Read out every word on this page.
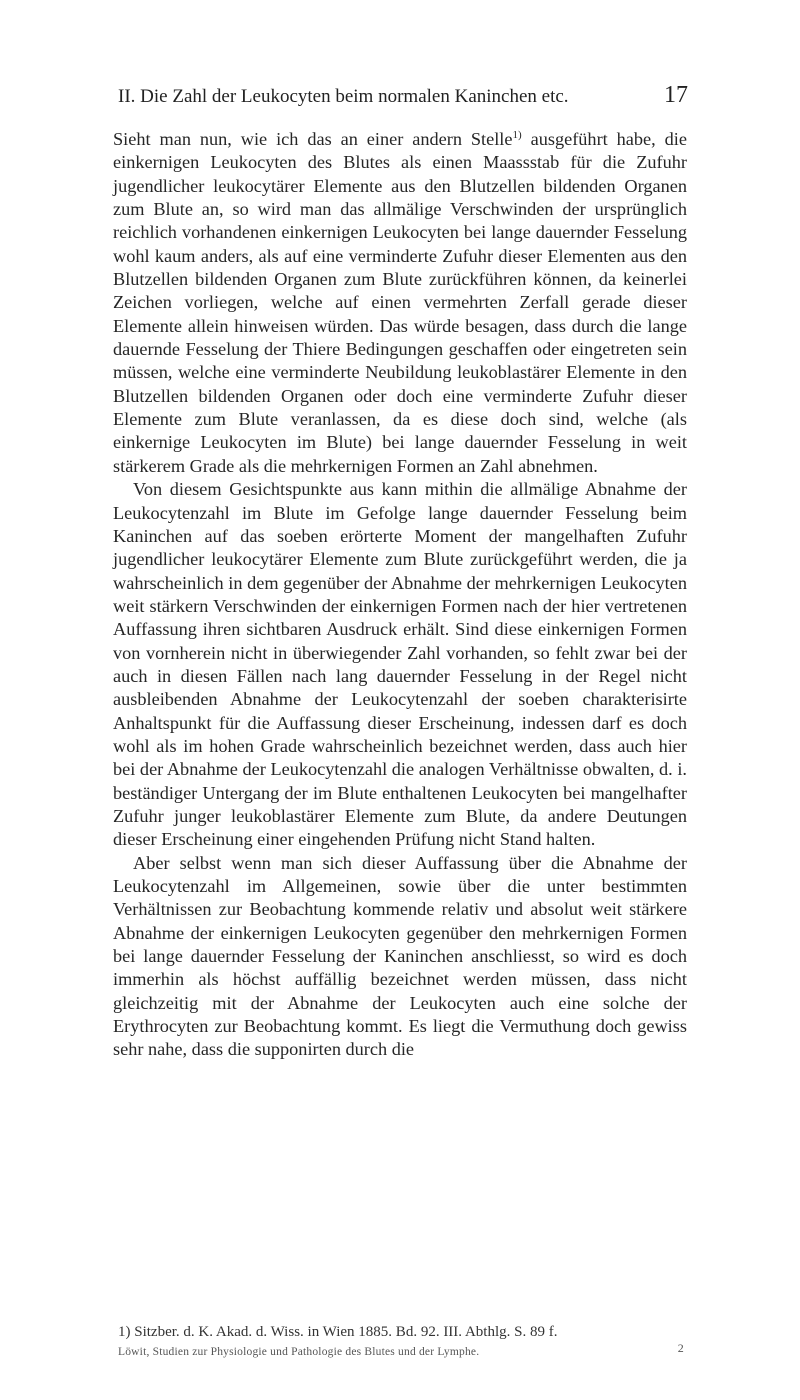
II. Die Zahl der Leukocyten beim normalen Kaninchen etc.	17

Sieht man nun, wie ich das an einer andern Stelle$^{1)}$ ausgeführt habe, die einkernigen Leukocyten des Blutes als einen Maassstab für die Zufuhr jugendlicher leukocytärer Elemente aus den Blutzellen bildenden Organen zum Blute an, so wird man das allmälige Verschwinden der ursprünglich reichlich vorhandenen einkernigen Leukocyten bei lange dauernder Fesselung wohl kaum anders, als auf eine verminderte Zufuhr dieser Elementen aus den Blutzellen bildenden Organen zum Blute zurückführen können, da keinerlei Zeichen vorliegen, welche auf einen vermehrten Zerfall gerade dieser Elemente allein hinweisen würden. Das würde besagen, dass durch die lange dauernde Fesselung der Thiere Bedingungen geschaffen oder eingetreten sein müssen, welche eine verminderte Neubildung leukoblastärer Elemente in den Blutzellen bildenden Organen oder doch eine verminderte Zufuhr dieser Elemente zum Blute veranlassen, da es diese doch sind, welche (als einkernige Leukocyten im Blute) bei lange dauernder Fesselung in weit stärkerem Grade als die mehrkernigen Formen an Zahl abnehmen.

Von diesem Gesichtspunkte aus kann mithin die allmälige Abnahme der Leukocytenzahl im Blute im Gefolge lange dauernder Fesselung beim Kaninchen auf das soeben erörterte Moment der mangelhaften Zufuhr jugendlicher leukocytärer Elemente zum Blute zurückgeführt werden, die ja wahrscheinlich in dem gegenüber der Abnahme der mehrkernigen Leukocyten weit stärkern Verschwinden der einkernigen Formen nach der hier vertretenen Auffassung ihren sichtbaren Ausdruck erhält. Sind diese einkernigen Formen von vornherein nicht in überwiegender Zahl vorhanden, so fehlt zwar bei der auch in diesen Fällen nach lang dauernder Fesselung in der Regel nicht ausbleibenden Abnahme der Leukocytenzahl der soeben charakterisirte Anhaltspunkt für die Auffassung dieser Erscheinung, indessen darf es doch wohl als im hohen Grade wahrscheinlich bezeichnet werden, dass auch hier bei der Abnahme der Leukocytenzahl die analogen Verhältnisse obwalten, d. i. beständiger Untergang der im Blute enthaltenen Leukocyten bei mangelhafter Zufuhr junger leukoblastärer Elemente zum Blute, da andere Deutungen dieser Erscheinung einer eingehenden Prüfung nicht Stand halten.

Aber selbst wenn man sich dieser Auffassung über die Abnahme der Leukocytenzahl im Allgemeinen, sowie über die unter bestimmten Verhältnissen zur Beobachtung kommende relativ und absolut weit stärkere Abnahme der einkernigen Leukocyten gegenüber den mehrkernigen Formen bei lange dauernder Fesselung der Kaninchen anschliesst, so wird es doch immerhin als höchst auffällig bezeichnet werden müssen, dass nicht gleichzeitig mit der Abnahme der Leukocyten auch eine solche der Erythrocyten zur Beobachtung kommt. Es liegt die Vermuthung doch gewiss sehr nahe, dass die supponirten durch die

1) Sitzber. d. K. Akad. d. Wiss. in Wien 1885. Bd. 92. III. Abthlg. S. 89 f.
Löwit, Studien zur Physiologie und Pathologie des Blutes und der Lymphe.	2
